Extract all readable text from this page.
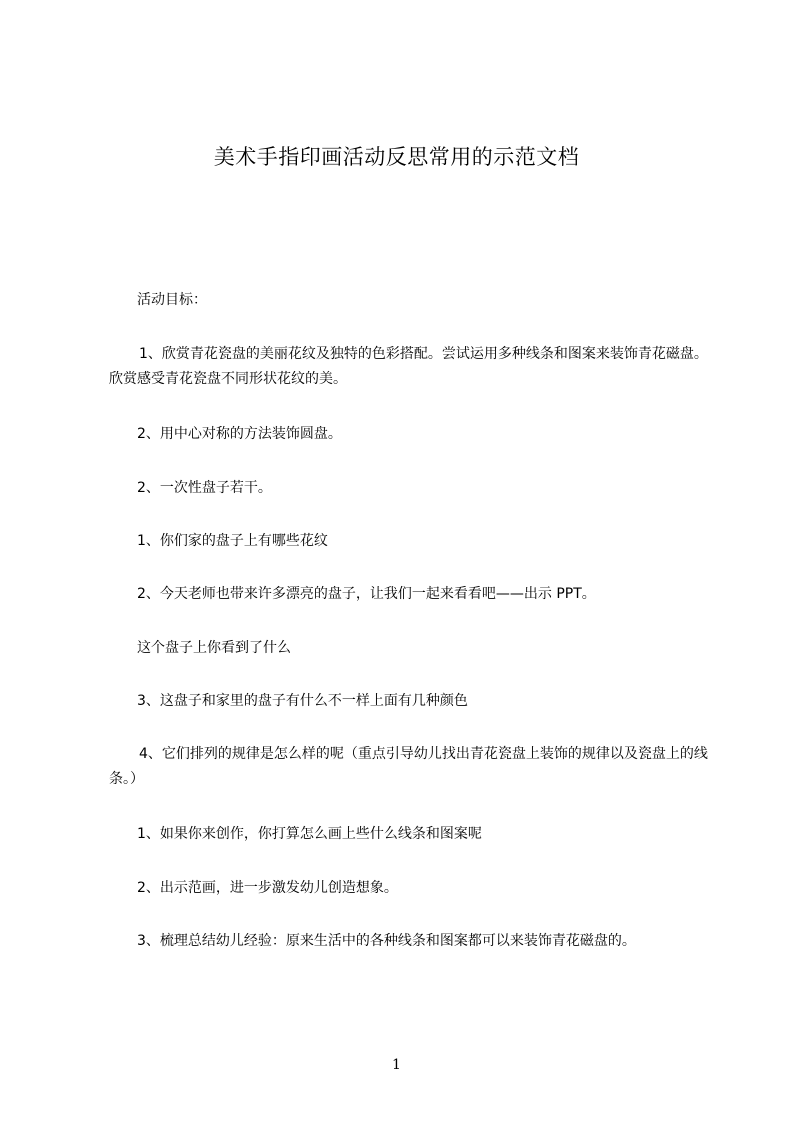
美术手指印画活动反思常用的示范文档

活动目标：

1、欣赏青花瓷盘的美丽花纹及独特的色彩搭配。尝试运用多种线条和图案来装饰青花磁盘。欣赏感受青花瓷盘不同形状花纹的美。

2、用中心对称的方法装饰圆盘。

2、一次性盘子若干。

1、你们家的盘子上有哪些花纹

2、今天老师也带来许多漂亮的盘子，让我们一起来看看吧——出示 PPT。

这个盘子上你看到了什么

3、这盘子和家里的盘子有什么不一样上面有几种颜色

4、它们排列的规律是怎么样的呢（重点引导幼儿找出青花瓷盘上装饰的规律以及瓷盘上的线条。）

1、如果你来创作，你打算怎么画上些什么线条和图案呢

2、出示范画，进一步激发幼儿创造想象。

3、梳理总结幼儿经验：原来生活中的各种线条和图案都可以来装饰青花磁盘的。

1
